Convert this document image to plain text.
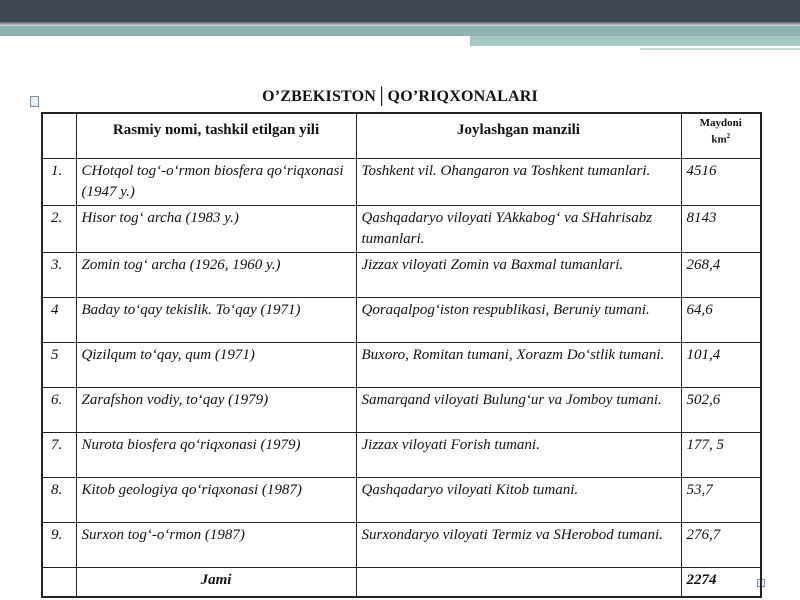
O’ZBEKISTON│QO’RIQXONALARI
	Rasmiy nomi, tashkil etilgan yili	Joylashgan manzili	Maydoni
$km^2$
1.	CHotqol tog‘-o‘rmon biosfera qo‘riqxonasi (1947 y.)	Toshkent vil. Ohangaron va Toshkent tumanlari.	4516
2.	Hisor tog‘ archa (1983 y.)	Qashqadaryo viloyati YAkkabog‘ va SHahrisabz tumanlari.	8143
3.	Zomin tog‘ archa (1926, 1960 y.)	Jizzax viloyati Zomin va Baxmal tumanlari.	268,4
4	Baday to‘qay tekislik. To‘qay (1971)	Qoraqalpog‘iston respublikasi, Beruniy tumani.	64,6
5	Qizilqum to‘qay, qum (1971)	Buxoro, Romitan tumani, Xorazm Do‘stlik tumani.	101,4
6.	Zarafshon vodiy, to‘qay (1979)	Samarqand viloyati Bulung‘ur va Jomboy tumani.	502,6
7.	Nurota biosfera qo‘riqxonasi (1979)	Jizzax viloyati Forish tumani.	177, 5
8.	Kitob geologiya qo‘riqxonasi (1987)	Qashqadaryo viloyati Kitob tumani.	53,7
9.	Surxon tog‘-o‘rmon (1987)	Surxondaryo viloyati Termiz va SHerobod tumani.	276,7
	Jami		2274
